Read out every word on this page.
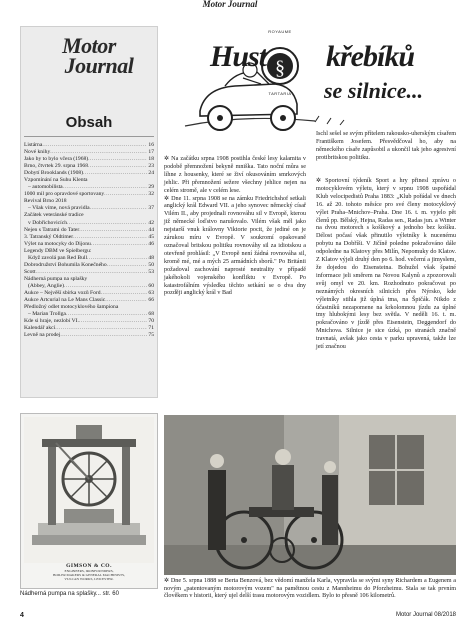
Motor Journal
Motor
Journal
Obsah
Listárna .....	16
Nové knihy .....	17
Jako by to bylo včera (1968) .....	18
Brno, čtvrtek 29. srpna 1968 .....	23
Dobytí Brooklands (1908) .....	24
Vzpomínání na Suhu Klenta
– automobilista .....	29
1000 mil pro opravdové sportovany .....	32
Revival Brno 2018
– Však víme, nová pravidla .....	37
Začátek veteránské tradice
v Dobřichovicích .....	42
Nejen s Tatrami do Tater .....	44
3. Tatranský Oldtimer .....	45
Výlet na motocyky do Dijonu .....	46
Legendy DBM ve Spielbergu:
Když zavolá pan Red Bull .....	48
Dobrodružství Bohumila Konečného .....	50
Scott .....	53
Nádherná pumpa na splašky
(Abbey, Anglie) .....	60
Aukce – Nejvěší sbírka vozů Ford .....	63
Aukce Artcurial na Le Mans Classic .....	66
Předložný odlet motocyklového šampiona
– Marian Trollga .....	68
Kde si hraje, nezlobí VI. .....	70
Kalendář akcí .....	71
Levně na prodej .....	75
GIMSON & CO.
ENGINEERS, IRONFOUNDERS,
BOILER MAKERS & GENERAL MACHINISTS,
VULCAN WORKS, LEICESTER.
Nádherná pumpa na splašky... str. 60
§
ROYAUME
TARTARIA
Hust křebíků
se silnice...
Ischl sešel se svým přítelem rakousko-uherským císařem Františkem Josefem. Přesvědčoval ho, aby na německého císaře zapůsobil a ukončil tak jeho agresivní protibritskou politiku.

✲ Na začátku srpna 1908 postihla české lesy kalamita v podobě přemnožení bekyně mniška. Tato noční můra se líhne z housenky, které se živí okusováním smrkových jehlic. Při přemnožení sežere všechny jehlice nejen na celém stromě, ale v celém lese.

✲ Dne 11. srpna 1908 se na zámku Friedrichshof setkali anglický král Edward VII. a jeho synovec německý císař Vilém II., aby projednali rovnováhu sil v Evropě, kterou již německé loďstvo narušovalo. Vilém však měl jako nejstarší vnuk královny Viktorie pocit, že jediné on je zárukou míru v Evropě. V soukromí opakovaně označoval britskou politiku rovnováhy sil za idiotskou a otevřeně prohlásil: „V Evropě není žádná rovnováha sil, kromě mé, mé a mých 25 armádních sborů." Po Británii požadoval zachování naprosté neutrality v případě jakéhokoli vojenského konfliktu v Evropě. Po katastrofálním výsledku těchto setkání se o dva dny později anglický král v Bad

✲ Sportovní týdeník Sport a hry přinesl zprávu o motocyklovém výletu, který v srpnu 1908 uspořádal Klub velocipedistů Praha 1883: „Klub pořádal ve dnech 16. až 20. tohoto měsíce pro své členy motocyklový výlet Praha–Mnichov–Praha. Dne 16. t. m. vyjelo pět členů pp. Bělský, Hejna, Radas sen., Radas jun. a Winter na dvou motorech s košíkový a jednoho bez košíku. Délost počasí však přinutilo výletníky k nucenému pobytu na Dobříši. V Jičíně poledne pokračováno dále odpoledne na Klatovy přes Milín, Nepomuky do Klatov. Z Klatov výjeli druhý den po 6. hod. večerní a jimyslem, že dojedou do Eisensteina. Bohužel však špatné informace jeli směrem na Novou Kalynů a zpozorovali svůj omyl ve 20. km. Rozhodnuto pokračovat po neznámých okresních silnicích přes Nýrsko, kde výletníky stihla již úplná tma, na Špičák. Nikdo z účastníků nezapomene na krkolomnou jízdu za úplné tmy hlubokými lesy bez světla. V neděli 16. t. m. pokračováno v jízdě přes Eisenstein, Deggendorf do Mnichova. Silnice je sice úzká, po stranách značně travnatá, avšak jako cesta v parku upravená, takže lze jetí značnou

✲ Dne 5. srpna 1888 se Berta Benzová, bez vědomí manžela Karla, vypravila se svými syny Richardem a Eugenem a novým „patentovaným motorovým vozem" na pamětnou cestu z Mannheimu do Pforzheimu. Stala se tak prvním člověkem v historii, který ujel delší trasu motorovým vozidlem. Bylo to přesně 106 kilometrů.
4	Motor Journal 08/2018
